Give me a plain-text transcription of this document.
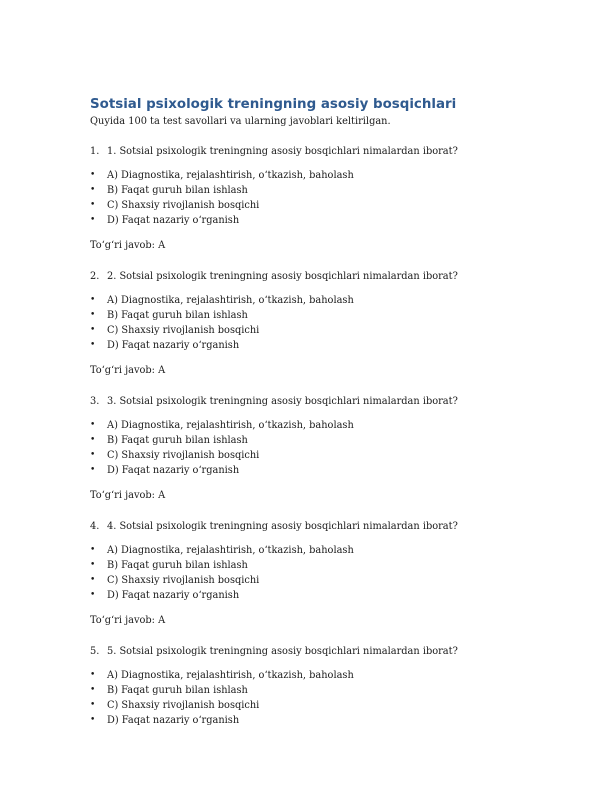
Sotsial psixologik treningning asosiy bosqichlari

Quyida 100 ta test savollari va ularning javoblari keltirilgan.

1. 1. Sotsial psixologik treningning asosiy bosqichlari nimalardan iborat?
•	A) Diagnostika, rejalashtirish, o‘tkazish, baholash
•	B) Faqat guruh bilan ishlash
•	C) Shaxsiy rivojlanish bosqichi
•	D) Faqat nazariy o‘rganish

To‘g‘ri javob: A

2. 2. Sotsial psixologik treningning asosiy bosqichlari nimalardan iborat?
•	A) Diagnostika, rejalashtirish, o‘tkazish, baholash
•	B) Faqat guruh bilan ishlash
•	C) Shaxsiy rivojlanish bosqichi
•	D) Faqat nazariy o‘rganish

To‘g‘ri javob: A

3. 3. Sotsial psixologik treningning asosiy bosqichlari nimalardan iborat?
•	A) Diagnostika, rejalashtirish, o‘tkazish, baholash
•	B) Faqat guruh bilan ishlash
•	C) Shaxsiy rivojlanish bosqichi
•	D) Faqat nazariy o‘rganish

To‘g‘ri javob: A

4. 4. Sotsial psixologik treningning asosiy bosqichlari nimalardan iborat?
•	A) Diagnostika, rejalashtirish, o‘tkazish, baholash
•	B) Faqat guruh bilan ishlash
•	C) Shaxsiy rivojlanish bosqichi
•	D) Faqat nazariy o‘rganish

To‘g‘ri javob: A

5. 5. Sotsial psixologik treningning asosiy bosqichlari nimalardan iborat?
•	A) Diagnostika, rejalashtirish, o‘tkazish, baholash
•	B) Faqat guruh bilan ishlash
•	C) Shaxsiy rivojlanish bosqichi
•	D) Faqat nazariy o‘rganish
